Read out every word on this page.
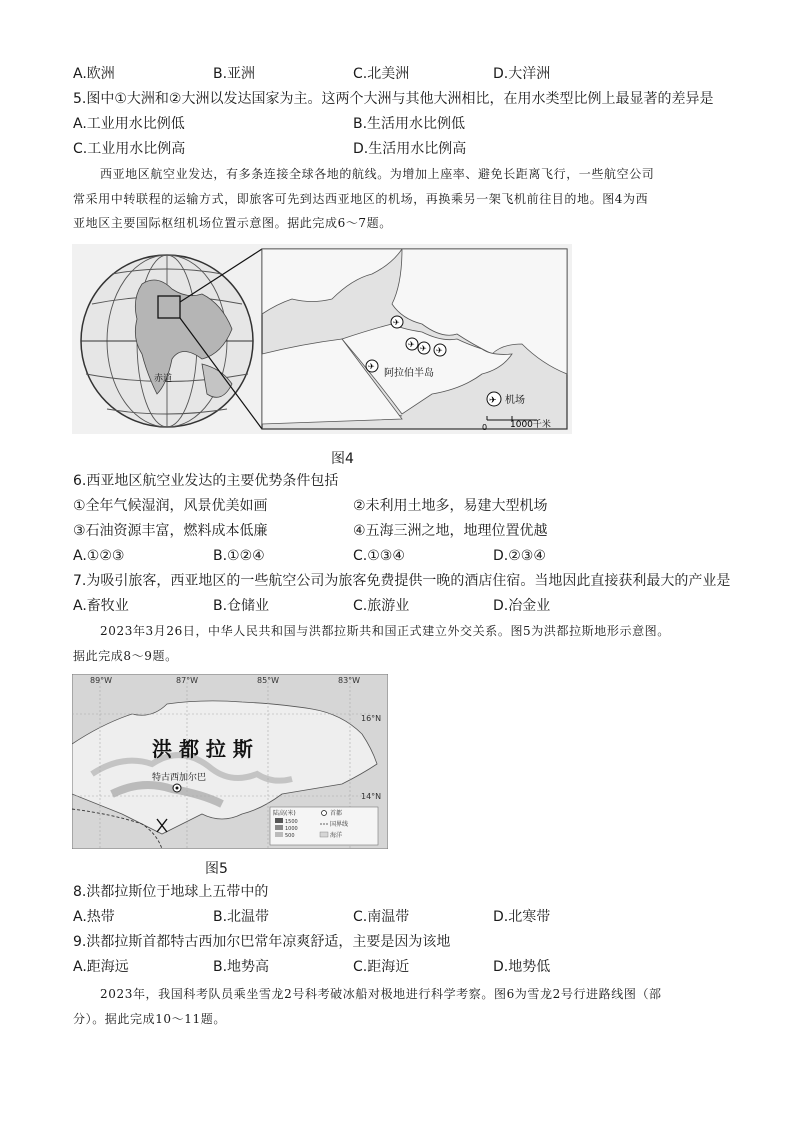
A.欧洲	B.亚洲	C.北美洲	D.大洋洲
5.图中①大洲和②大洲以发达国家为主。这两个大洲与其他大洲相比，在用水类型比例上最显著的差异是
A.工业用水比例低	B.生活用水比例低
C.工业用水比例高	D.生活用水比例高
西亚地区航空业发达，有多条连接全球各地的航线。为增加上座率、避免长距离飞行，一些航空公司
常采用中转联程的运输方式，即旅客可先到达西亚地区的机场，再换乘另一架飞机前往目的地。图4为西
亚地区主要国际枢纽机场位置示意图。据此完成6～7题。
赤道
✈
✈ ✈ ✈
✈
阿拉伯半岛
✈ 机场
0	1000千米
图4
6.西亚地区航空业发达的主要优势条件包括
①全年气候湿润，风景优美如画	②未利用土地多，易建大型机场
③石油资源丰富，燃料成本低廉	④五海三洲之地，地理位置优越
A.①②③	B.①②④	C.①③④	D.②③④
7.为吸引旅客，西亚地区的一些航空公司为旅客免费提供一晚的酒店住宿。当地因此直接获利最大的产业是
A.畜牧业	B.仓储业	C.旅游业	D.冶金业
2023年3月26日，中华人民共和国与洪都拉斯共和国正式建立外交关系。图5为洪都拉斯地形示意图。
据此完成8～9题。
89°W	87°W	85°W	83°W
16°N
14°N
洪 都 拉 斯
特古西加尔巴
陆高(米)
1500
1000
500
首都
国界线
海洋
图5
8.洪都拉斯位于地球上五带中的
A.热带	B.北温带	C.南温带	D.北寒带
9.洪都拉斯首都特古西加尔巴常年凉爽舒适，主要是因为该地
A.距海远	B.地势高	C.距海近	D.地势低
2023年，我国科考队员乘坐雪龙2号科考破冰船对极地进行科学考察。图6为雪龙2号行进路线图（部
分）。据此完成10～11题。
